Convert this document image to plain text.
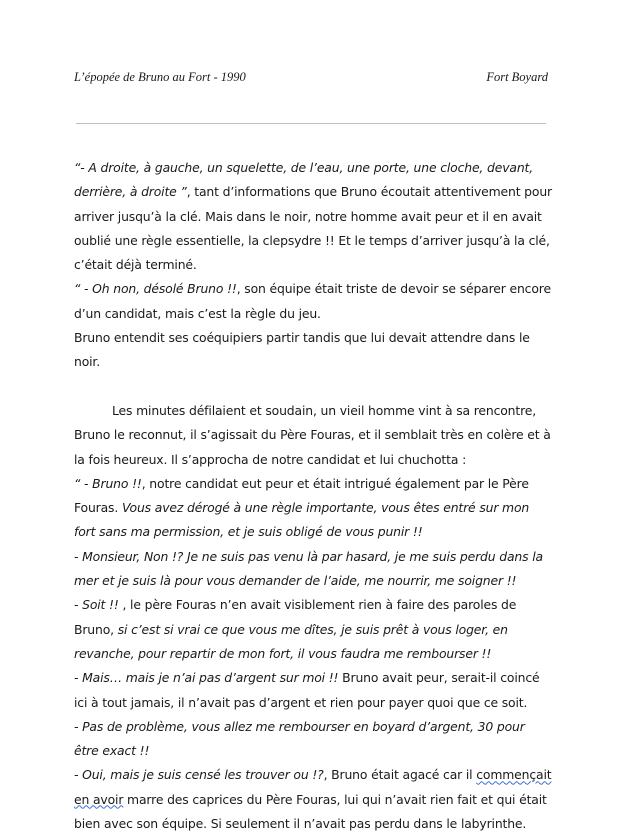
L’épopée de Bruno au Fort - 1990	Fort Boyard

“- A droite, à gauche, un squelette, de l’eau, une porte, une cloche, devant, derrière, à droite ”, tant d’informations que Bruno écoutait attentivement pour arriver jusqu’à la clé. Mais dans le noir, notre homme avait peur et il en avait oublié une règle essentielle, la clepsydre !! Et le temps d’arriver jusqu’à la clé, c’était déjà terminé.

“ - Oh non, désolé Bruno !!, son équipe était triste de devoir se séparer encore d’un candidat, mais c’est la règle du jeu.

Bruno entendit ses coéquipiers partir tandis que lui devait attendre dans le noir.

Les minutes défilaient et soudain, un vieil homme vint à sa rencontre, Bruno le reconnut, il s’agissait du Père Fouras, et il semblait très en colère et à la fois heureux. Il s’approcha de notre candidat et lui chuchotta :

“ - Bruno !!, notre candidat eut peur et était intrigué également par le Père Fouras. Vous avez dérogé à une règle importante, vous êtes entré sur mon fort sans ma permission, et je suis obligé de vous punir !!

- Monsieur, Non !? Je ne suis pas venu là par hasard, je me suis perdu dans la mer et je suis là pour vous demander de l’aide, me nourrir, me soigner !!

- Soit !! , le père Fouras n’en avait visiblement rien à faire des paroles de Bruno, si c’est si vrai ce que vous me dîtes, je suis prêt à vous loger, en revanche, pour repartir de mon fort, il vous faudra me rembourser !!

- Mais… mais je n’ai pas d’argent sur moi !! Bruno avait peur, serait-il coincé ici à tout jamais, il n’avait pas d’argent et rien pour payer quoi que ce soit.

- Pas de problème, vous allez me rembourser en boyard d’argent, 30 pour être exact !!

- Oui, mais je suis censé les trouver ou !?, Bruno était agacé car il commençait en avoir marre des caprices du Père Fouras, lui qui n’avait rien fait et qui était bien avec son équipe. Si seulement il n’avait pas perdu dans le labyrinthe.
